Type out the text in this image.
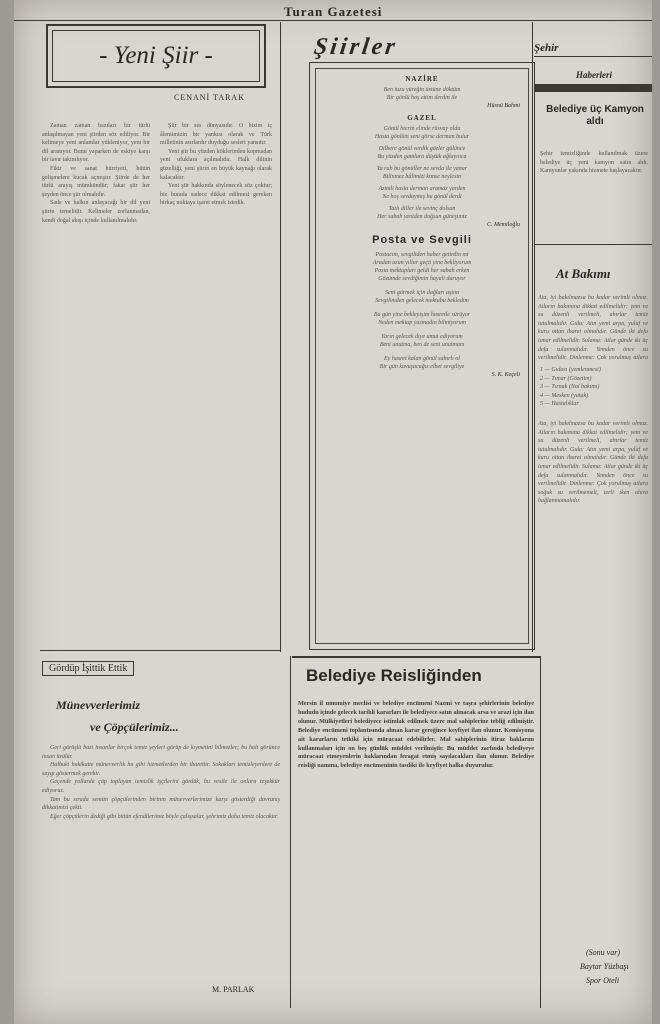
Turan Gazetesi
- Yeni Şiir -
CENANİ TARAK

Zaman zaman bazıları bir türlü anlaşılmayan yeni şiirden söz ediliyor. Bir kelimeye yeni anlamlar yükleniyor, yeni bir dil aranıyor. Bunu yaparken de eskiye karşı bir tavır takınılıyor.

Fikir ve sanat hürriyeti, bütün gelişmelere kucak açmıştır. Şiirde de her türlü arayış mümkündür; fakat şiir her şeyden önce şiir olmalıdır.

Sade ve halkın anlayacağı bir dil yeni şiirin temelidir. Kelimeler zorlanmadan, kendi doğal akışı içinde kullanılmalıdır.

Şiir bir ses dünyasıdır. O bizim iç âlemimizin bir yankısı olarak ve Türk milletinin asırlardır duyduğu sesleri yansıtır.

Yeni şiir bu yüzden köklerinden kopmadan yeni ufuklara açılmalıdır. Halk dilinin güzelliği, yeni şiirin en büyük kaynağı olarak kalacaktır.

Yeni şiir hakkında söylenecek söz çoktur; biz burada sadece dikkat edilmesi gereken birkaç noktaya işaret etmek istedik.

Gördüp İşittik Ettik
Münevverlerimiz
ve Çöpçülerimiz...

Geri görüşlü bazı insanlar birçok temiz şeyleri görüp de kıymetini bilmezler; bu hali görünce insan üzülür.

Halbuki hakikatte münevverlik bu gibi hizmetlerden bir ibarettir. Sokakları temizleyenlere de saygı göstermek gerekir.

Geçende yollarda çöp toplayan temizlik işçilerini gördük, bu vesile ile onlara teşekkür ediyoruz.

Tam bu sırada semtin çöpçülerinden birinin münevverlerimize karşı gösterdiği davranış dikkatimizi çekti.

Eğer çöpçülerin dediği gibi bütün efendilerimiz böyle çalışsalar, şehrimiz daha temiz olacaktır.

M. PARLAK
Şiirler
NAZİRE
Ben tuzu yüreğin üstüne döktüm
Bir gönlü hoş ettim derdin ile
Hüsnü Bahmi
GAZEL
Gönül hicrin elinde rüsvay oldu
Hasta gönlüm seni görse derman bulur
Dilbere gönül verdik gözler gülünce
Bu yüzden gamlara düştük ağlayınca
Ya rab bu gönüller ne sevda ile yanar
Bilinmez hâlimizi kimse neylesin
Azimli hasta derman aramaz yarden
Ne hoş sevdaymış bu gönül derdi
Tatlı diller ile sevinç dolsun
Her sabah yeniden doğsun güneşimiz
C. Memiloğlu
Posta ve Sevgili
Postacım, sevgiliden haber getirdin mi
Aradan uzun yıllar geçti yine bekliyorum
Posta mektupları geldi her sabah erken
Gözümde sevdiğimin hayali duruyor
Seni görmek için dağları aştım
Sevgilimden gelecek mektubu bekledim
Bu gün yine bekleyişim hasretle sürüyor
Neden mektup yazmadın bilmiyorum
Yarın gelecek diye umut ediyorum
Beni unutma, ben de seni unutmam
Ey hasret kalan gönül sabırlı ol
Bir gün kavuşacağız elbet sevgiliye
S. K. Keçeli
Belediye Reisliğinden
Mersin il umumiye meclisi ve belediye encümeni Nazmi ve taşra şehirlerinin belediye hududu içinde gelecek tarihli kararları ile belediyece satın alınacak arsa ve arazi için ilan olunur. Mülkiyetleri belediyece istimlak edilmek üzere mal sahiplerine tebliğ edilmiştir. Belediye encümeni toplantısında alınan karar gereğince keyfiyet ilan olunur. Komisyona ait kararların tetkiki için müracaat edebilirler. Mal sahiplerinin itiraz haklarını kullanmaları için on beş günlük müddet verilmiştir. Bu müddet zarfında belediyeye müracaat etmeyenlerin haklarından feragat etmiş sayılacakları ilan olunur. Belediye reisliği namına, belediye encümeninin tasdiki ile keyfiyet halka duyurulur.
Şehir
Haberleri
Belediye üç Kamyon aldı
Şehir temizliğinde kullanılmak üzere belediye üç yeni kamyon satın aldı. Kamyonlar yakında hizmete başlayacaktır.
At Bakımı
Ata, iyi bakılmazsa bu kadar verimli olmaz. Atların bakımına dikkat edilmelidir; yem ve su düzenli verilmeli, ahırlar temiz tutulmalıdır. Gıda: Atın yemi arpa, yulaf ve kuru ottan ibaret olmalıdır. Günde iki defa tımar edilmelidir. Sulama: Atlar günde iki üç defa sulanmalıdır. Yemden önce su verilmelidir. Dinlenme: Çok yorulmuş atlara
1 — Gıdası (yemlenmesi)
2 — Tımar (Gözetim)
3 — Tırnak (Nal bakımı)
4 — Mesken (yatak)
5 — Hastalıklar
Ata, iyi bakılmazsa bu kadar verimli olmaz. Atların bakımına dikkat edilmelidir; yem ve su düzenli verilmeli, ahırlar temiz tutulmalıdır. Gıda: Atın yemi arpa, yulaf ve kuru ottan ibaret olmalıdır. Günde iki defa tımar edilmelidir. Sulama: Atlar günde iki üç defa sulanmalıdır. Yemden önce su verilmelidir. Dinlenme: Çok yorulmuş atlara soğuk su verilmemeli, terli iken ahıra bağlanmamalıdır.
(Sonu var)
Baytar Yüzbaşı
Spor Oteli
